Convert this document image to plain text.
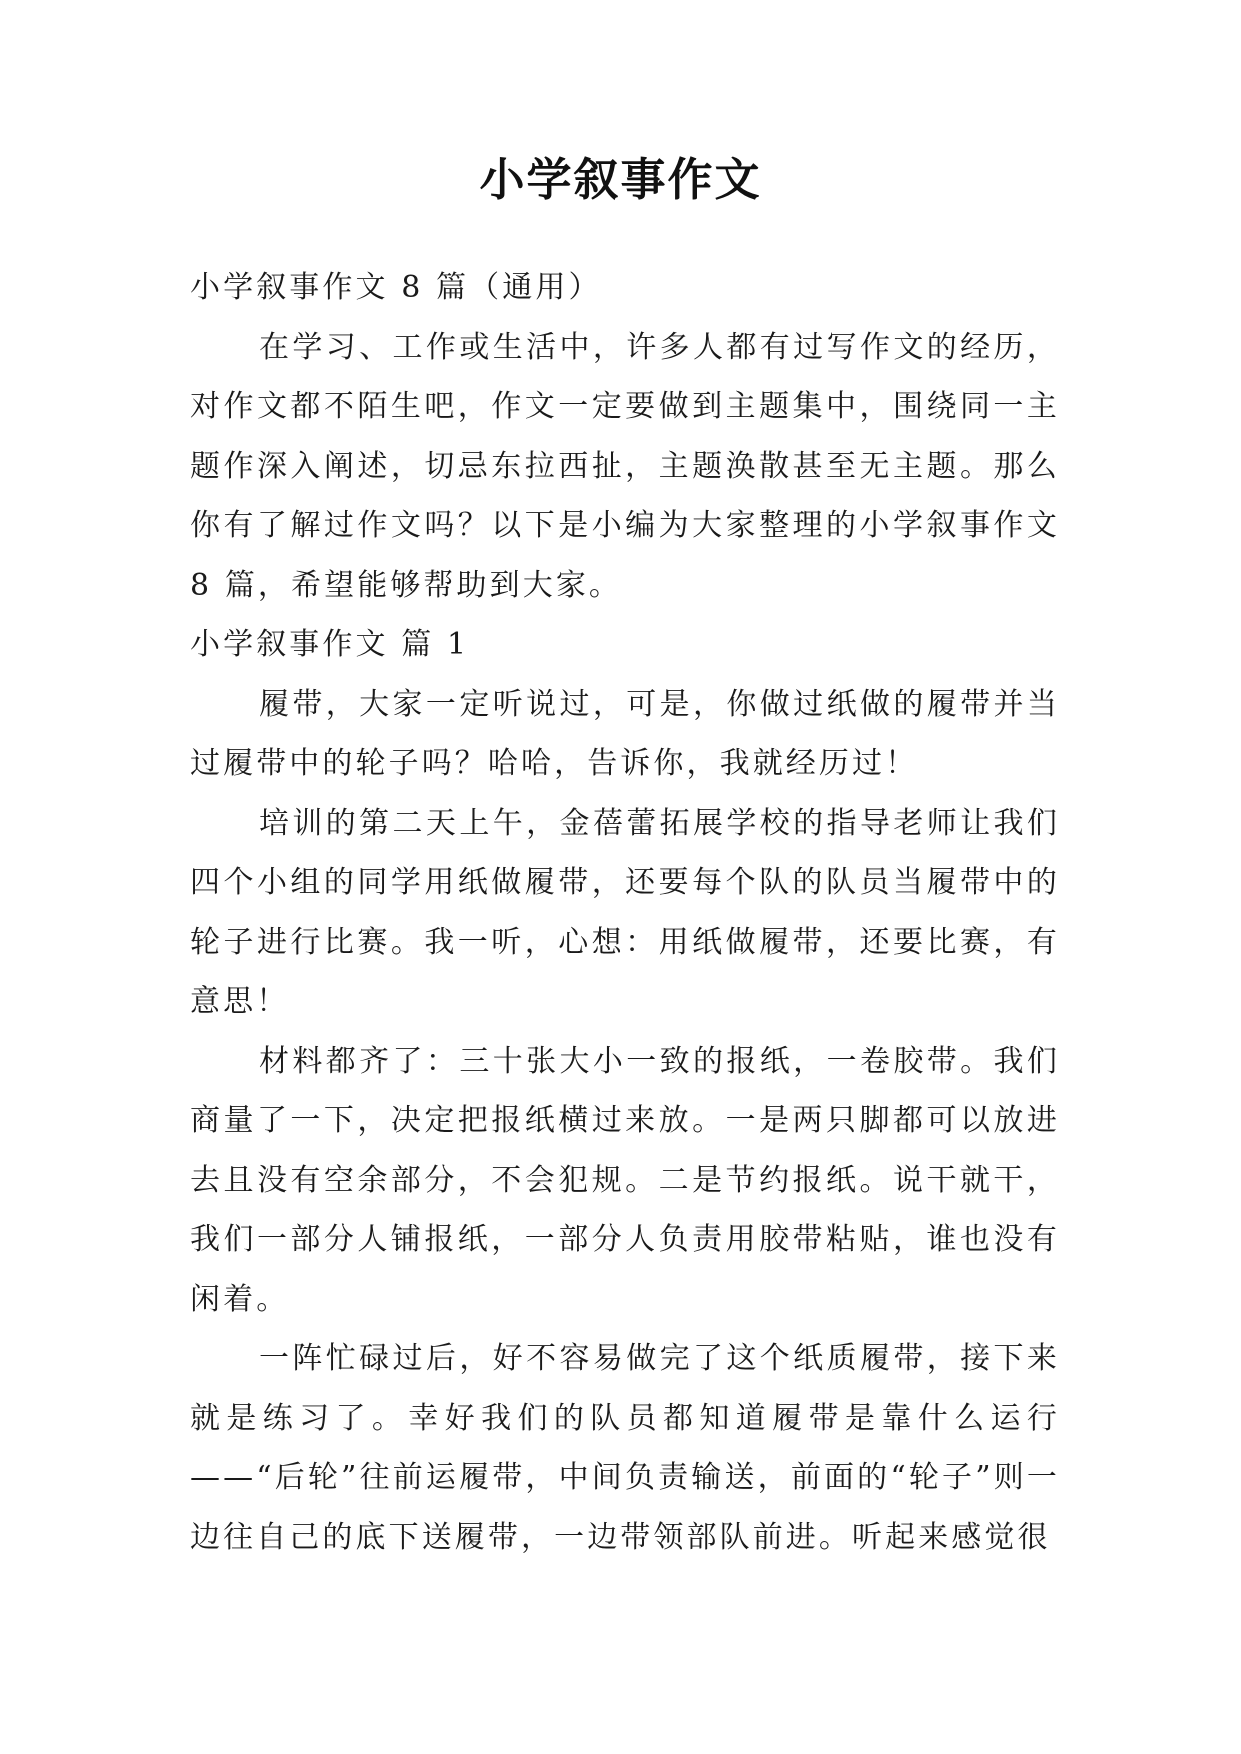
小学叙事作文

小学叙事作文 8 篇（通用）

在学习、工作或生活中，许多人都有过写作文的经历，对作文都不陌生吧，作文一定要做到主题集中，围绕同一主题作深入阐述，切忌东拉西扯，主题涣散甚至无主题。那么你有了解过作文吗？以下是小编为大家整理的小学叙事作文 8 篇，希望能够帮助到大家。

小学叙事作文 篇 1

履带，大家一定听说过，可是，你做过纸做的履带并当过履带中的轮子吗？哈哈，告诉你，我就经历过！

培训的第二天上午，金蓓蕾拓展学校的指导老师让我们四个小组的同学用纸做履带，还要每个队的队员当履带中的轮子进行比赛。我一听，心想：用纸做履带，还要比赛，有意思！

材料都齐了：三十张大小一致的报纸，一卷胶带。我们商量了一下，决定把报纸横过来放。一是两只脚都可以放进去且没有空余部分，不会犯规。二是节约报纸。说干就干，我们一部分人铺报纸，一部分人负责用胶带粘贴，谁也没有闲着。

一阵忙碌过后，好不容易做完了这个纸质履带，接下来就是练习了。幸好我们的队员都知道履带是靠什么运行——“后轮”往前运履带，中间负责输送，前面的“轮子”则一边往自己的底下送履带，一边带领部队前进。听起来感觉很
